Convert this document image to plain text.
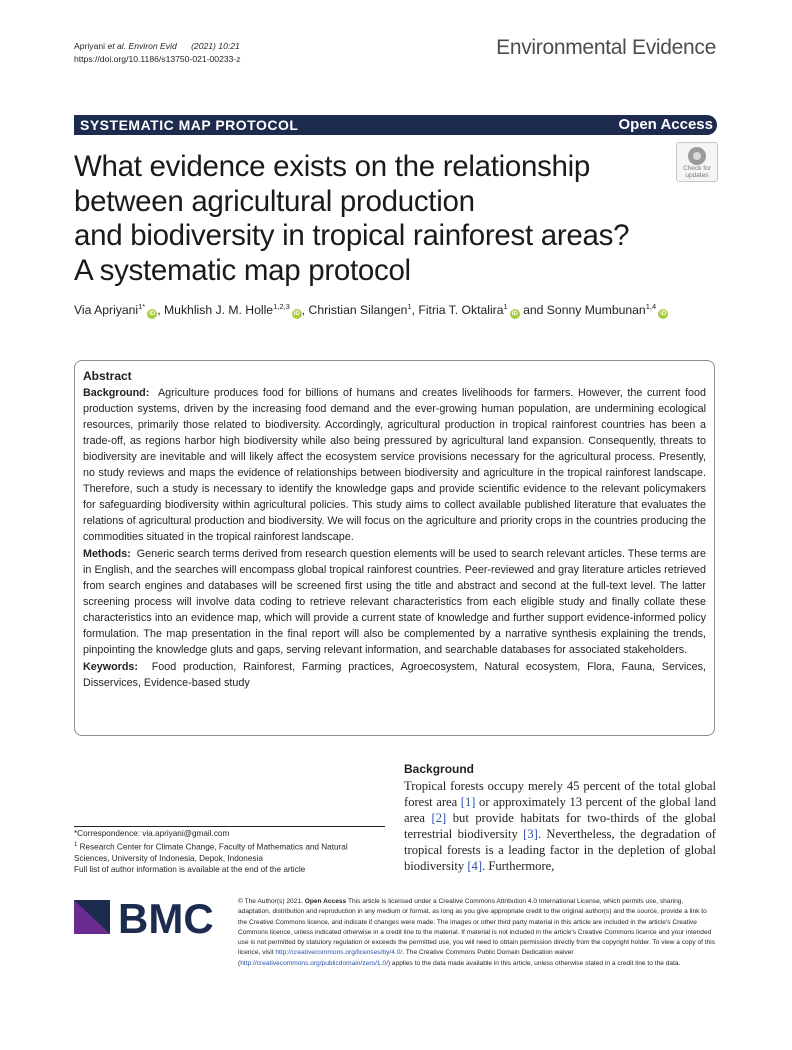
Apriyani et al. Environ Evid (2021) 10:21
https://doi.org/10.1186/s13750-021-00233-z	Environmental Evidence
SYSTEMATIC MAP PROTOCOL	Open Access
What evidence exists on the relationship
between agricultural production
and biodiversity in tropical rainforest areas?
A systematic map protocol
Check for
updates
Via Apriyani$^{1*}$iD , Mukhlish J. M. Holle$^{1,2,3}$iD , Christian Silangen$^1$, Fitria T. Oktalira$^1$iD and Sonny Mumbunan$^{1,4}$iD
Abstract

Background: Agriculture produces food for billions of humans and creates livelihoods for farmers. However, the current food production systems, driven by the increasing food demand and the ever-growing human population, are undermining ecological resources, primarily those related to biodiversity. Accordingly, agricultural production in tropical rainforest countries has been a trade-off, as regions harbor high biodiversity while also being pressured by agricultural land expansion. Consequently, threats to biodiversity are inevitable and will likely affect the ecosystem service provisions necessary for the agricultural process. Presently, no study reviews and maps the evidence of relationships between biodiversity and agriculture in the tropical rainforest landscape. Therefore, such a study is necessary to identify the knowledge gaps and provide scientific evidence to the relevant policymakers for safeguarding biodiversity within agricultural policies. This study aims to collect available published literature that evaluates the relations of agricultural production and biodiversity. We will focus on the agriculture and priority crops in the countries producing the commodities situated in the tropical rainforest landscape.

Methods: Generic search terms derived from research question elements will be used to search relevant articles. These terms are in English, and the searches will encompass global tropical rainforest countries. Peer-reviewed and gray literature articles retrieved from search engines and databases will be screened first using the title and abstract and second at the full-text level. The latter screening process will involve data coding to retrieve relevant characteristics from each eligible study and finally collate these characteristics into an evidence map, which will provide a current state of knowledge and further support evidence-informed policy formulation. The map presentation in the final report will also be complemented by a narrative synthesis explaining the trends, pinpointing the knowledge gluts and gaps, serving relevant information, and searchable databases for associated stakeholders.

Keywords: Food production, Rainforest, Farming practices, Agroecosystem, Natural ecosystem, Flora, Fauna, Services, Disservices, Evidence-based study

Background

Tropical forests occupy merely 45 percent of the total global forest area [1] or approximately 13 percent of the global land area [2] but provide habitats for two-thirds of the global terrestrial biodiversity [3]. Nevertheless, the degradation of tropical forests is a leading factor in the depletion of global biodiversity [4]. Furthermore,

*Correspondence: via.apriyani@gmail.com
$^1$ Research Center for Climate Change, Faculty of Mathematics and Natural Sciences, University of Indonesia, Depok, Indonesia
Full list of author information is available at the end of the article
BMC	© The Author(s) 2021. Open Access This article is licensed under a Creative Commons Attribution 4.0 International License, which permits use, sharing, adaptation, distribution and reproduction in any medium or format, as long as you give appropriate credit to the original author(s) and the source, provide a link to the Creative Commons licence, and indicate if changes were made. The images or other third party material in this article are included in the article's Creative Commons licence, unless indicated otherwise in a credit line to the material. If material is not included in the article's Creative Commons licence and your intended use is not permitted by statutory regulation or exceeds the permitted use, you will need to obtain permission directly from the copyright holder. To view a copy of this licence, visit http://creativecommons.org/licenses/by/4.0/. The Creative Commons Public Domain Dedication waiver (http://creativecommons.org/publicdomain/zero/1.0/) applies to the data made available in this article, unless otherwise stated in a credit line to the data.
